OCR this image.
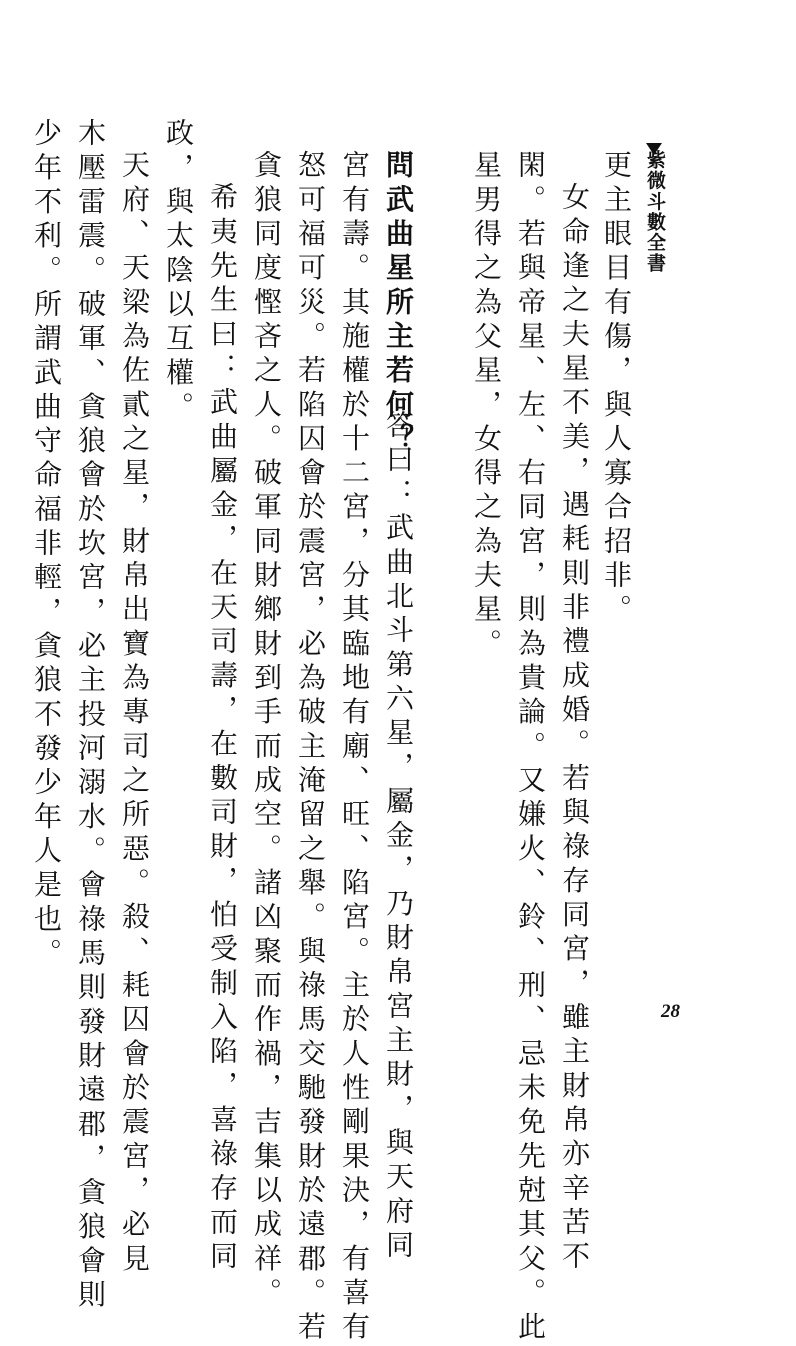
紫微斗數全書
更主眼目有傷，與人寡合招非。
女命逢之夫星不美，遇耗則非禮成婚。若與祿存同宮，雖主財帛亦辛苦不
閑。若與帝星、左、右同宮，則為貴論。又嫌火、鈴、刑、忌未免先尅其父。此
星男得之為父星，女得之為夫星。
問武曲星所主若何？
答曰：武曲北斗第六星，屬金，乃財帛宮主財，與天府同
宮有壽。其施權於十二宮，分其臨地有廟、旺、陷宮。主於人性剛果決，有喜有
怒可福可災。若陷囚會於震宮，必為破主淹留之舉。與祿馬交馳發財於遠郡。若
貪狼同度慳吝之人。破軍同財鄉財到手而成空。諸凶聚而作禍，吉集以成祥。
希夷先生曰：武曲屬金，在天司壽，在數司財，怕受制入陷，喜祿存而同
政，與太陰以互權。
天府、天梁為佐貳之星，財帛出寶為專司之所惡。殺、耗囚會於震宮，必見
木壓雷震。破軍、貪狼會於坎宮，必主投河溺水。會祿馬則發財遠郡，貪狼會則
少年不利。所謂武曲守命福非輕，貪狼不發少年人是也。
28
